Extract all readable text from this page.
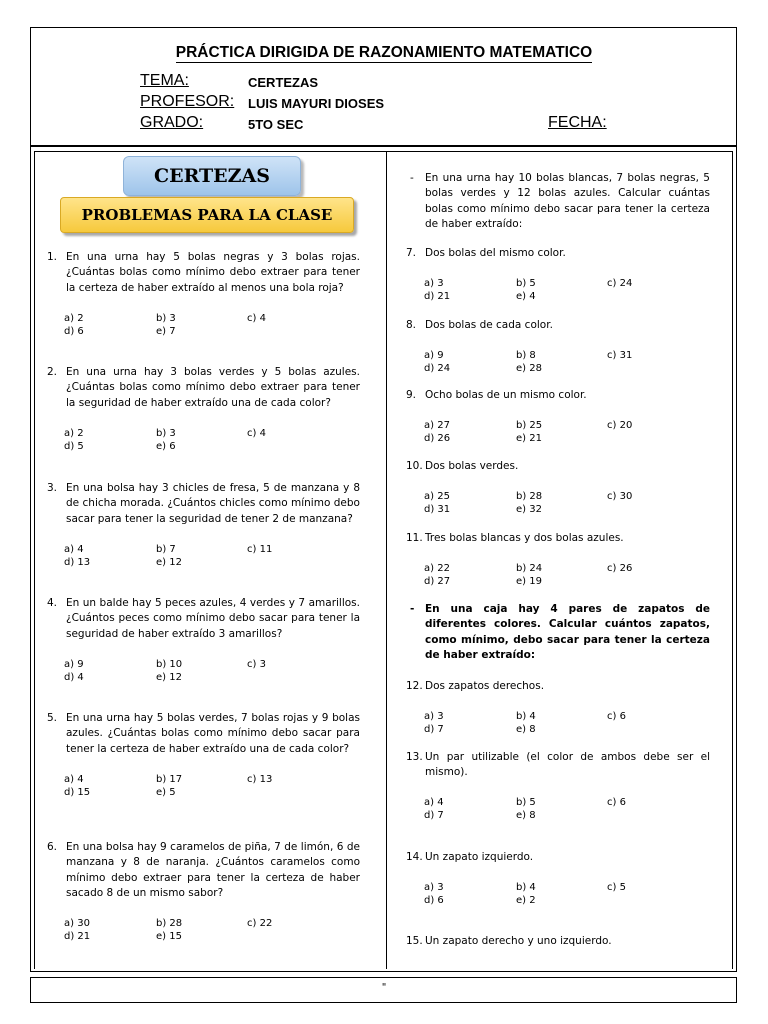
PRÁCTICA DIRIGIDA DE RAZONAMIENTO MATEMATICO
TEMA:	CERTEZAS
PROFESOR: LUIS MAYURI DIOSES
GRADO:	5TO SEC	FECHA:
CERTEZAS
PROBLEMAS PARA LA CLASE
1. En una urna hay 5 bolas negras y 3 bolas rojas. ¿Cuántas bolas como mínimo debo extraer para tener la certeza de haber extraído al menos una bola roja?
a) 2	b) 3	c) 4
d) 6	e) 7
2. En una urna hay 3 bolas verdes y 5 bolas azules. ¿Cuántas bolas como mínimo debo extraer para tener la seguridad de haber extraído una de cada color?
a) 2	b) 3	c) 4
d) 5	e) 6
3. En una bolsa hay 3 chicles de fresa, 5 de manzana y 8 de chicha morada. ¿Cuántos chicles como mínimo debo sacar para tener la seguridad de tener 2 de manzana?
a) 4	b) 7	c) 11
d) 13	e) 12
4. En un balde hay 5 peces azules, 4 verdes y 7 amarillos. ¿Cuántos peces como mínimo debo sacar para tener la seguridad de haber extraído 3 amarillos?
a) 9	b) 10	c) 3
d) 4	e) 12
5. En una urna hay 5 bolas verdes, 7 bolas rojas y 9 bolas azules. ¿Cuántas bolas como mínimo debo sacar para tener la certeza de haber extraído una de cada color?
a) 4	b) 17	c) 13
d) 15	e) 5
6. En una bolsa hay 9 caramelos de piña, 7 de limón, 6 de manzana y 8 de naranja. ¿Cuántos caramelos como mínimo debo extraer para tener la certeza de haber sacado 8 de un mismo sabor?
a) 30	b) 28	c) 22
d) 21	e) 15
- En una urna hay 10 bolas blancas, 7 bolas negras, 5 bolas verdes y 12 bolas azules. Calcular cuántas bolas como mínimo debo sacar para tener la certeza de haber extraído:
- En una caja hay 4 pares de zapatos de diferentes colores. Calcular cuántos zapatos, como mínimo, debo sacar para tener la certeza de haber extraído:
7. Dos bolas del mismo color.
a) 3	b) 5	c) 24
d) 21	e) 4
8. Dos bolas de cada color.
a) 9	b) 8	c) 31
d) 24	e) 28
9. Ocho bolas de un mismo color.
a) 27	b) 25	c) 20
d) 26	e) 21
10. Dos bolas verdes.
a) 25	b) 28	c) 30
d) 31	e) 32
11. Tres bolas blancas y dos bolas azules.
a) 22	b) 24	c) 26
d) 27	e) 19
12. Dos zapatos derechos.
a) 3	b) 4	c) 6
d) 7	e) 8
13. Un par utilizable (el color de ambos debe ser el mismo).
a) 4	b) 5	c) 6
d) 7	e) 8
14. Un zapato izquierdo.
a) 3	b) 4	c) 5
d) 6	e) 2
15. Un zapato derecho y uno izquierdo.
"
